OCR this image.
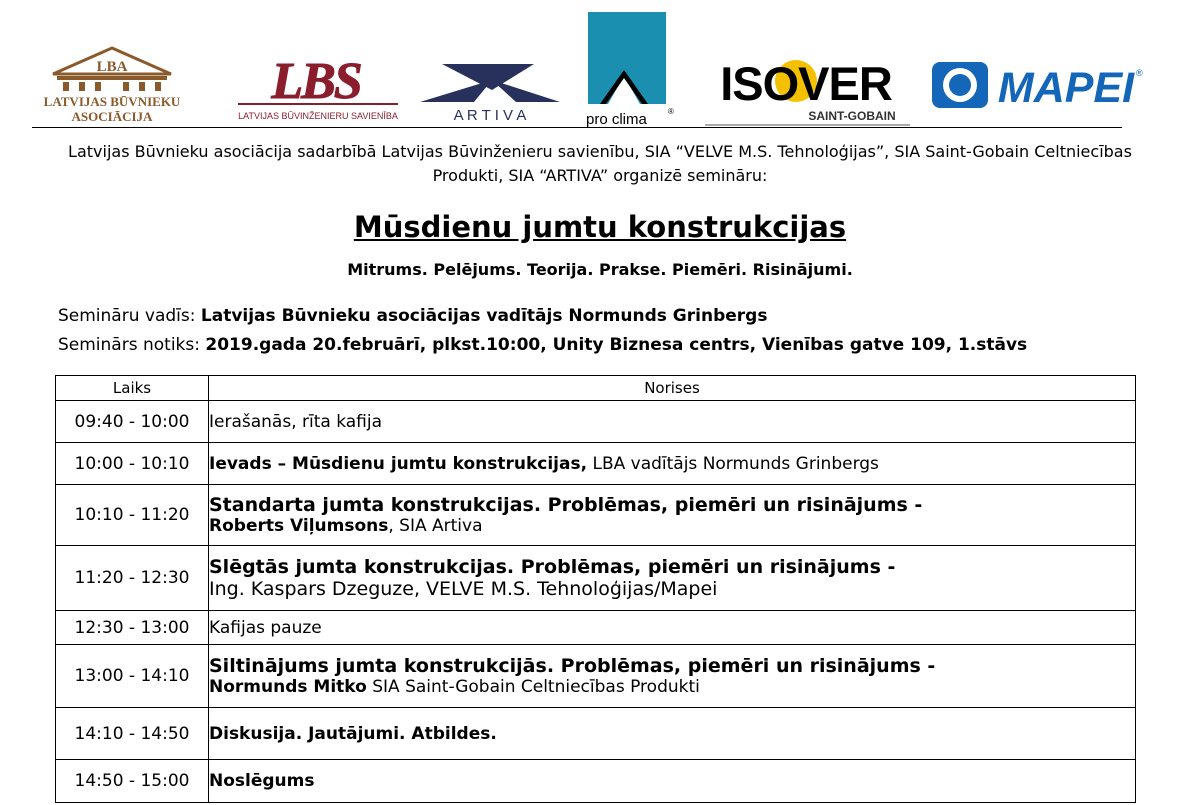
LBA
LATVIJAS BŪVNIEKU
ASOCIĀCIJA
LBS
LATVIJAS BŪVINŽENIERU SAVIENĪBA	A R T I V A	pro clima	®
ISOVER
SAINT-GOBAIN
MAPEI ®
Latvijas Būvnieku asociācija sadarbībā Latvijas Būvinženieru savienību, SIA “VELVE M.S. Tehnoloģijas”, SIA Saint-Gobain Celtniecības
Produkti, SIA “ARTIVA” organizē semināru:
Mūsdienu jumtu konstrukcijas
Mitrums. Pelējums. Teorija. Prakse. Piemēri. Risinājumi.
Semināru vadīs: Latvijas Būvnieku asociācijas vadītājs Normunds Grinbergs
Seminārs notiks: 2019.gada 20.februārī, plkst.10:00, Unity Biznesa centrs, Vienības gatve 109, 1.stāvs
Laiks	Norises
09:40 - 10:00	Ierašanās, rīta kafija
10:00 - 10:10	Ievads – Mūsdienu jumtu konstrukcijas, LBA vadītājs Normunds Grinbergs
10:10 - 11:20	Standarta jumta konstrukcijas. Problēmas, piemēri un risinājums -
Roberts Viļumsons, SIA Artiva

11:20 - 12:30	Slēgtās jumta konstrukcijas. Problēmas, piemēri un risinājums -
Ing. Kaspars Dzeguze, VELVE M.S. Tehnoloģijas/Mapei

12:30 - 13:00	Kafijas pauze
13:00 - 14:10	Siltinājums jumta konstrukcijās. Problēmas, piemēri un risinājums -
Normunds Mitko SIA Saint-Gobain Celtniecības Produkti

14:10 - 14:50	Diskusija. Jautājumi. Atbildes.
14:50 - 15:00	Noslēgums
